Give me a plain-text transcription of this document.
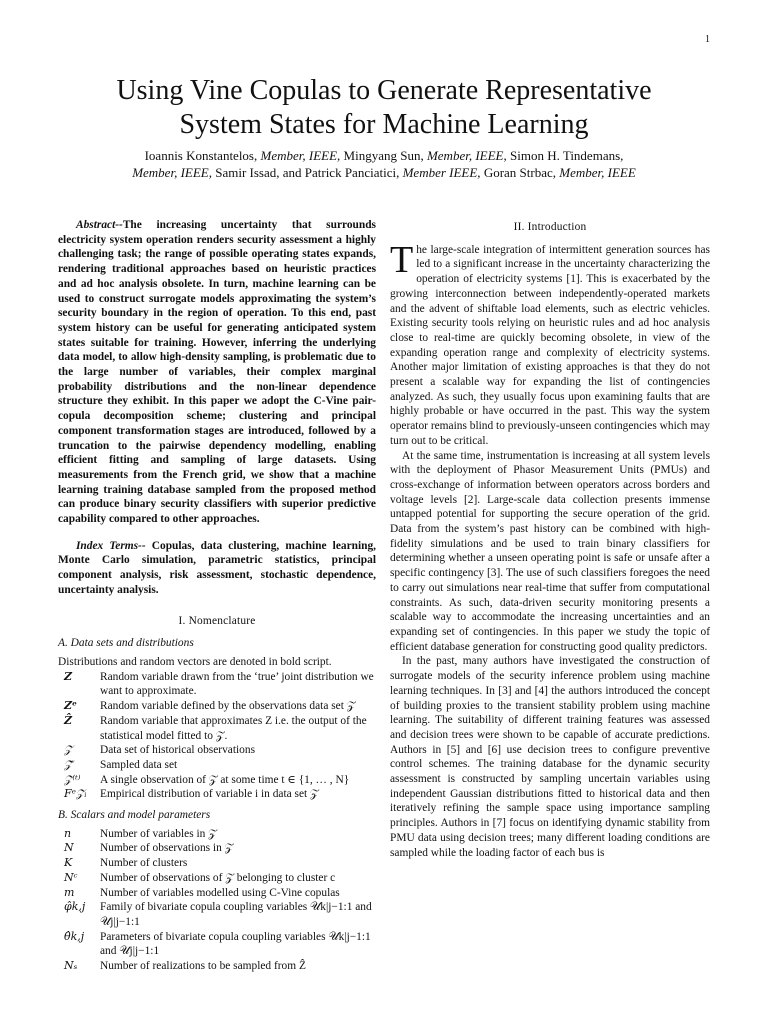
1
Using Vine Copulas to Generate Representative
System States for Machine Learning
Ioannis Konstantelos, Member, IEEE, Mingyang Sun, Member, IEEE, Simon H. Tindemans,
Member, IEEE, Samir Issad, and Patrick Panciatici, Member IEEE, Goran Strbac, Member, IEEE

Abstract--The increasing uncertainty that surrounds electricity system operation renders security assessment a highly challenging task; the range of possible operating states expands, rendering traditional approaches based on heuristic practices and ad hoc analysis obsolete. In turn, machine learning can be used to construct surrogate models approximating the system’s security boundary in the region of operation. To this end, past system history can be useful for generating anticipated system states suitable for training. However, inferring the underlying data model, to allow high-density sampling, is problematic due to the large number of variables, their complex marginal probability distributions and the non-linear dependence structure they exhibit. In this paper we adopt the C-Vine pair-copula decomposition scheme; clustering and principal component transformation stages are introduced, followed by a truncation to the pairwise dependency modelling, enabling efficient fitting and sampling of large datasets. Using measurements from the French grid, we show that a machine learning training database sampled from the proposed method can produce binary security classifiers with superior predictive capability compared to other approaches.

Index Terms-- Copulas, data clustering, machine learning, Monte Carlo simulation, parametric statistics, principal component analysis, risk assessment, stochastic dependence, uncertainty analysis.

I. Nomenclature
A. Data sets and distributions

Distributions and random vectors are denoted in bold script.

Z	Random variable drawn from the ‘true’ joint distribution we want to approximate.
Zᵉ	Random variable defined by the observations data set 𝒵
Ẑ	Random variable that approximates Z i.e. the output of the statistical model fitted to 𝒵.
𝒵	Data set of historical observations
𝒵̂	Sampled data set
𝒵⁽ᵗ⁾	A single observation of 𝒵 at some time t ∈ {1, … , N}
Fᵉ𝒵ᵢ	Empirical distribution of variable i in data set 𝒵
B. Scalars and model parameters
n	Number of variables in 𝒵
N	Number of observations in 𝒵
K	Number of clusters
Nᶜ	Number of observations of 𝒵 belonging to cluster c
m	Number of variables modelled using C-Vine copulas
φ̂k,j	Family of bivariate copula coupling variables 𝒰k|j−1:1 and 𝒰j|j−1:1
θ̂k,j	Parameters of bivariate copula coupling variables 𝒰k|j−1:1 and 𝒰j|j−1:1
Nₛ	Number of realizations to be sampled from Ẑ
II. Introduction

The large-scale integration of intermittent generation sources has led to a significant increase in the uncertainty characterizing the operation of electricity systems [1]. This is exacerbated by the growing interconnection between independently-operated markets and the advent of shiftable load elements, such as electric vehicles. Existing security tools relying on heuristic rules and ad hoc analysis close to real-time are quickly becoming obsolete, in view of the expanding operation range and complexity of electricity systems. Another major limitation of existing approaches is that they do not present a scalable way for expanding the list of contingencies analyzed. As such, they usually focus upon examining faults that are highly probable or have occurred in the past. This way the system operator remains blind to previously-unseen contingencies which may turn out to be critical.

At the same time, instrumentation is increasing at all system levels with the deployment of Phasor Measurement Units (PMUs) and cross-exchange of information between operators across borders and voltage levels [2]. Large-scale data collection presents immense untapped potential for supporting the secure operation of the grid. Data from the system’s past history can be combined with high-fidelity simulations and be used to train binary classifiers for determining whether a unseen operating point is safe or unsafe after a specific contingency [3]. The use of such classifiers foregoes the need to carry out simulations near real-time that suffer from computational constraints. As such, data-driven security monitoring presents a scalable way to accommodate the increasing uncertainties and an expanding set of contingencies. In this paper we study the topic of efficient database generation for constructing good quality predictors.

In the past, many authors have investigated the construction of surrogate models of the security inference problem using machine learning techniques. In [3] and [4] the authors introduced the concept of building proxies to the transient stability problem using machine learning. The suitability of different training features was assessed and decision trees were shown to be capable of accurate predictions. Authors in [5] and [6] use decision trees to configure preventive control schemes. The training database for the dynamic security assessment is constructed by sampling uncertain variables using independent Gaussian distributions fitted to historical data and then iteratively refining the sample space using importance sampling principles. Authors in [7] focus on identifying dynamic stability from PMU data using decision trees; many different loading conditions are sampled while the loading factor of each bus is
